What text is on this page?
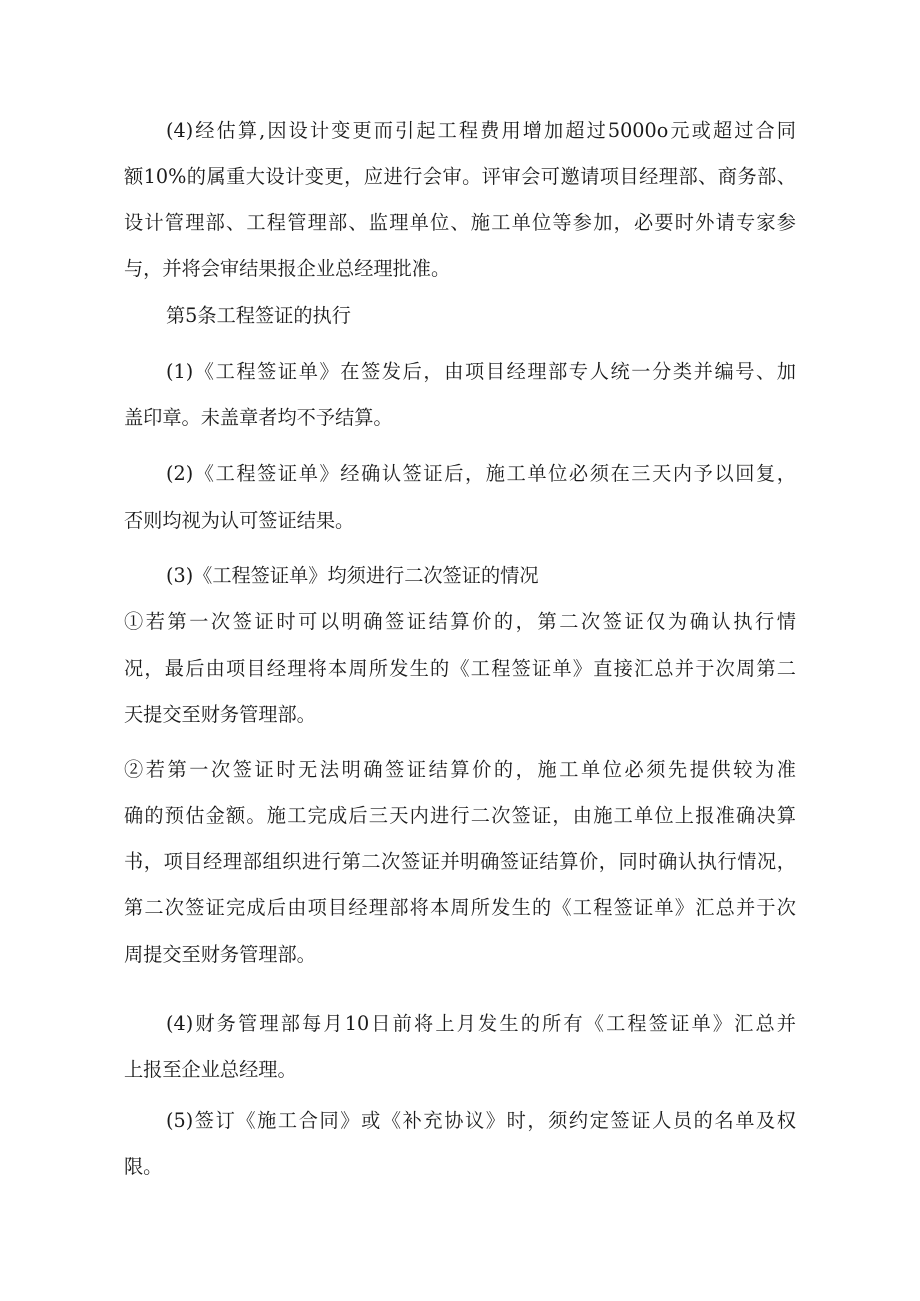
(4)经估算,因设计变更而引起工程费用增加超过5000o元或超过合同
额10%的属重大设计变更，应进行会审。评审会可邀请项目经理部、商务部、
设计管理部、工程管理部、监理单位、施工单位等参加，必要时外请专家参
与，并将会审结果报企业总经理批准。
第5条工程签证的执行
(1)《工程签证单》在签发后，由项目经理部专人统一分类并编号、加
盖印章。未盖章者均不予结算。
(2)《工程签证单》经确认签证后，施工单位必须在三天内予以回复，
否则均视为认可签证结果。
(3)《工程签证单》均须进行二次签证的情况
①若第一次签证时可以明确签证结算价的，第二次签证仅为确认执行情
况，最后由项目经理将本周所发生的《工程签证单》直接汇总并于次周第二
天提交至财务管理部。
②若第一次签证时无法明确签证结算价的，施工单位必须先提供较为准
确的预估金额。施工完成后三天内进行二次签证，由施工单位上报准确决算
书，项目经理部组织进行第二次签证并明确签证结算价，同时确认执行情况，
第二次签证完成后由项目经理部将本周所发生的《工程签证单》汇总并于次
周提交至财务管理部。
(4)财务管理部每月10日前将上月发生的所有《工程签证单》汇总并
上报至企业总经理。
(5)签订《施工合同》或《补充协议》时，须约定签证人员的名单及权
限。
